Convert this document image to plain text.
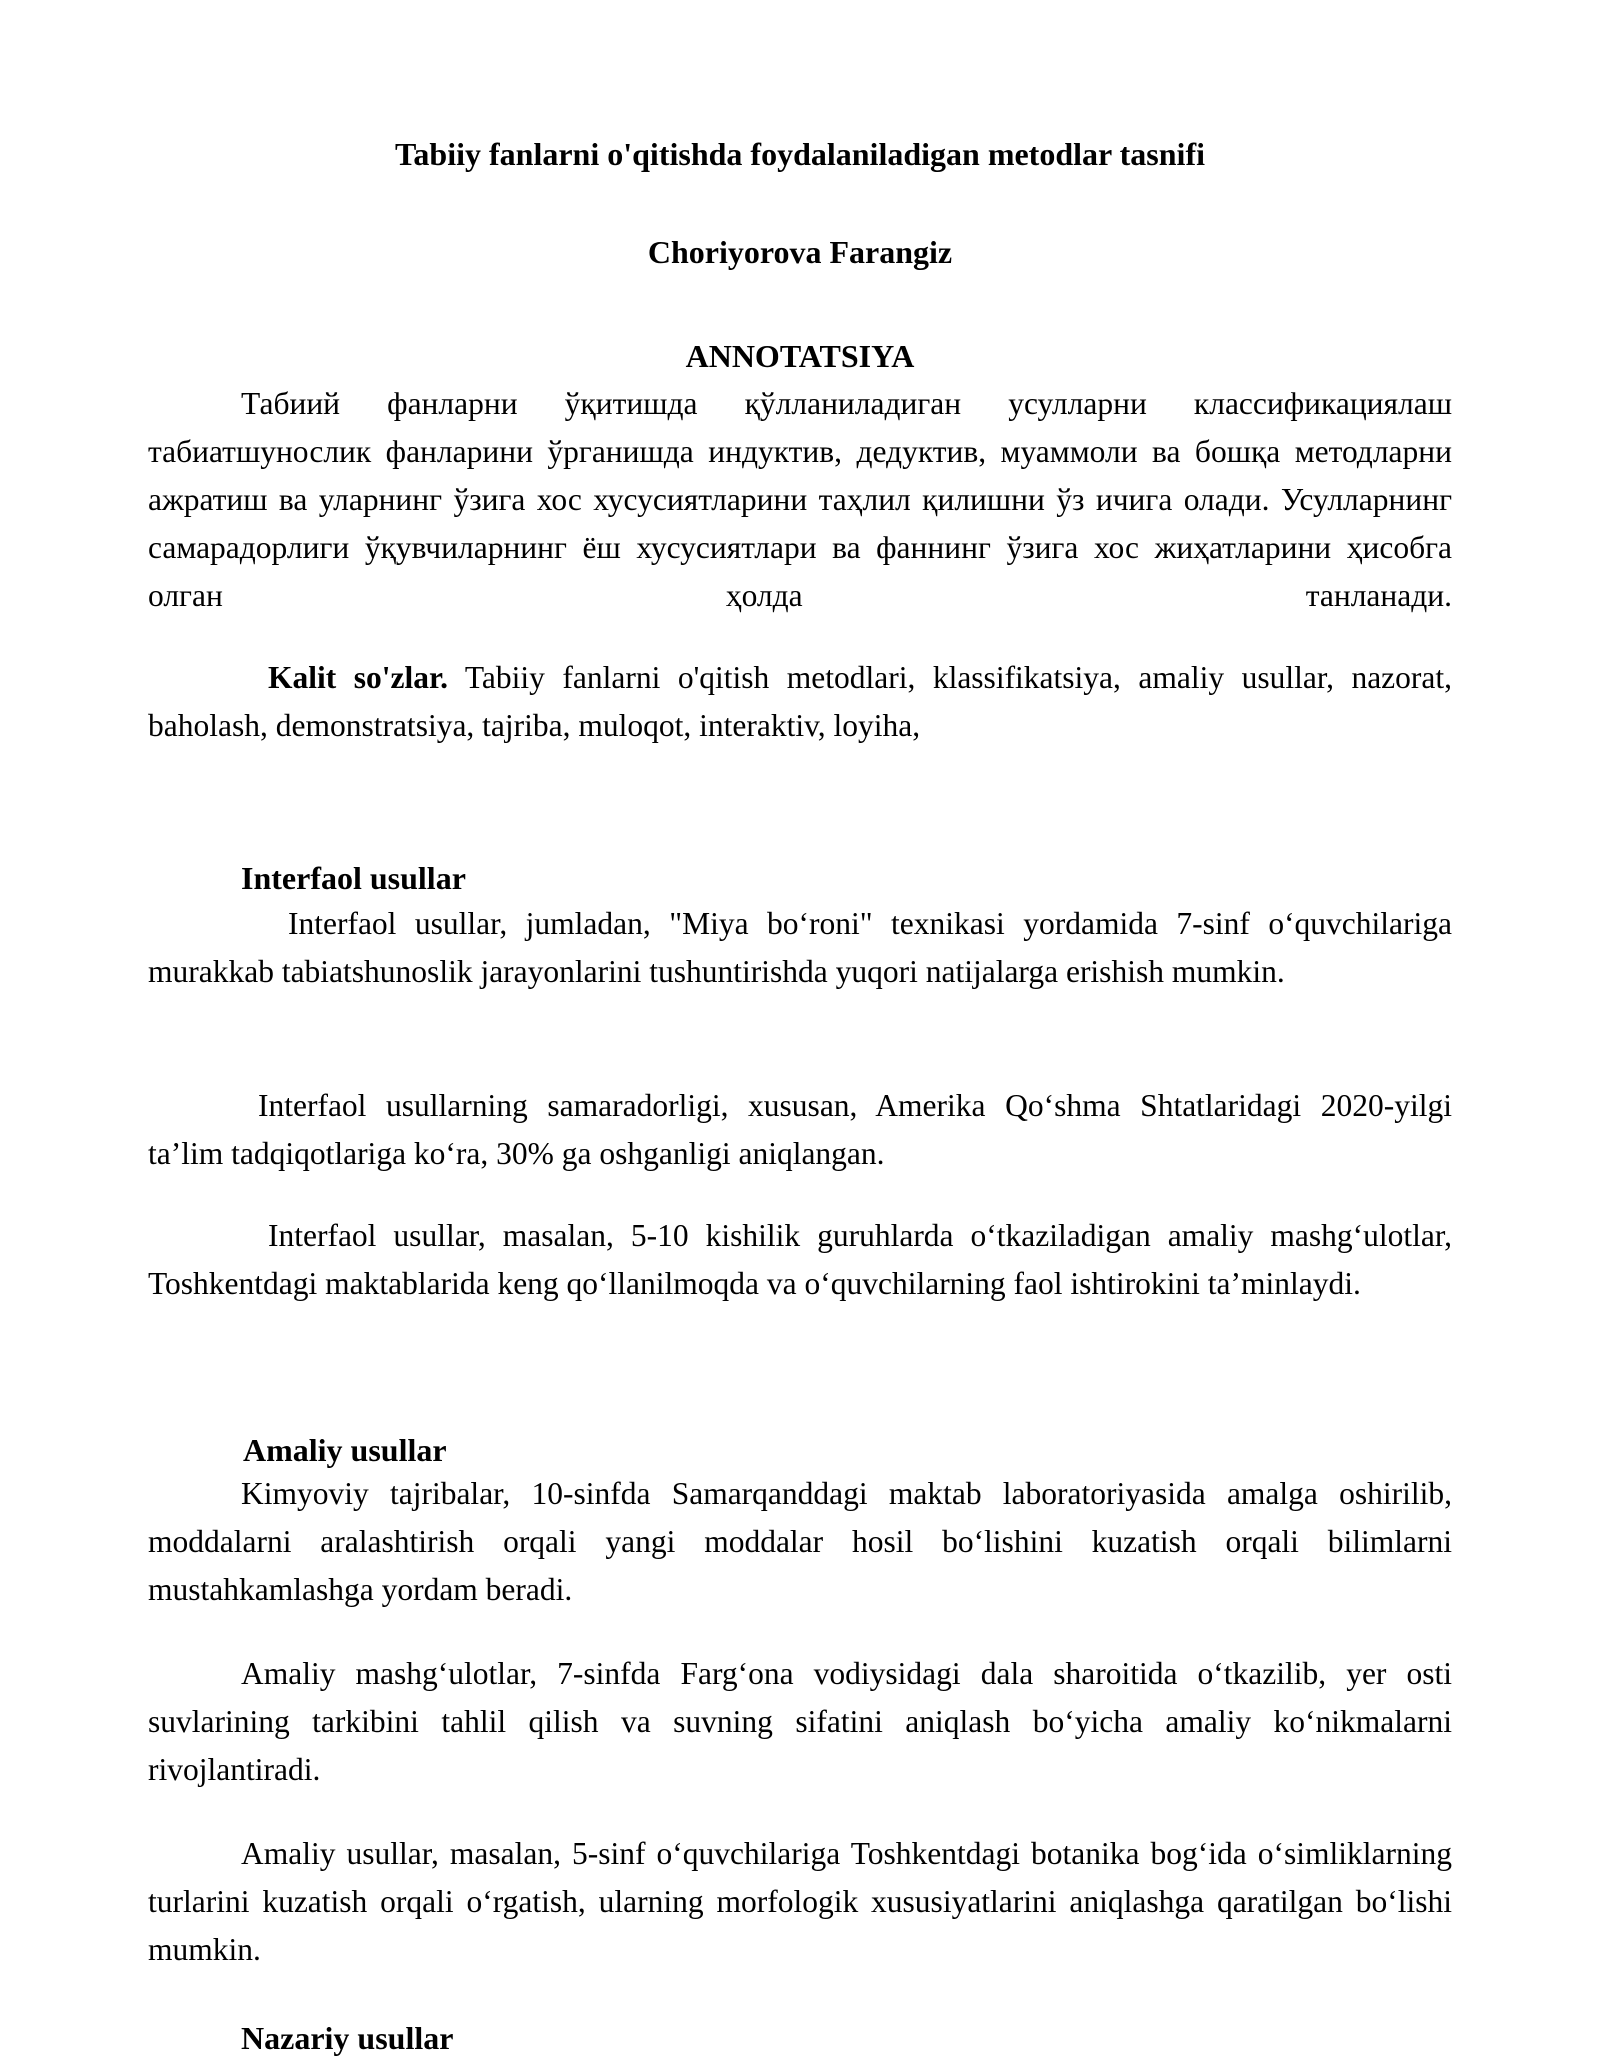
Tabiiy fanlarni o'qitishda foydalaniladigan metodlar tasnifi
Choriyorova Farangiz
ANNOTATSIYA

Табиий фанларни ўқитишда қўлланиладиган усулларни классификациялаш табиатшунослик фанларини ўрганишда индуктив, дедуктив, муаммоли ва бошқа методларни ажратиш ва уларнинг ўзига хос хусусиятларини таҳлил қилишни ўз ичига олади. Усулларнинг самарадорлиги ўқувчиларнинг ёш хусусиятлари ва фаннинг ўзига хос жиҳатларини ҳисобга олган ҳолда танланади.

Kalit so'zlar. Tabiiy fanlarni o'qitish metodlari, klassifikatsiya, amaliy usullar, nazorat, baholash, demonstratsiya, tajriba, muloqot, interaktiv, loyiha,

Interfaol usullar

Interfaol usullar, jumladan, "Miya bo‘roni" texnikasi yordamida 7-sinf o‘quvchilariga murakkab tabiatshunoslik jarayonlarini tushuntirishda yuqori natijalarga erishish mumkin.

Interfaol usullarning samaradorligi, xususan, Amerika Qo‘shma Shtatlaridagi 2020-yilgi ta’lim tadqiqotlariga ko‘ra, 30% ga oshganligi aniqlangan.

Interfaol usullar, masalan, 5-10 kishilik guruhlarda o‘tkaziladigan amaliy mashg‘ulotlar, Toshkentdagi maktablarida keng qo‘llanilmoqda va o‘quvchilarning faol ishtirokini ta’minlaydi.

Amaliy usullar

Kimyoviy tajribalar, 10-sinfda Samarqanddagi maktab laboratoriyasida amalga oshirilib, moddalarni aralashtirish orqali yangi moddalar hosil bo‘lishini kuzatish orqali bilimlarni mustahkamlashga yordam beradi.

Amaliy mashg‘ulotlar, 7-sinfda Farg‘ona vodiysidagi dala sharoitida o‘tkazilib, yer osti suvlarining tarkibini tahlil qilish va suvning sifatini aniqlash bo‘yicha amaliy ko‘nikmalarni rivojlantiradi.

Amaliy usullar, masalan, 5-sinf o‘quvchilariga Toshkentdagi botanika bog‘ida o‘simliklarning turlarini kuzatish orqali o‘rgatish, ularning morfologik xususiyatlarini aniqlashga qaratilgan bo‘lishi mumkin.

Nazariy usullar
